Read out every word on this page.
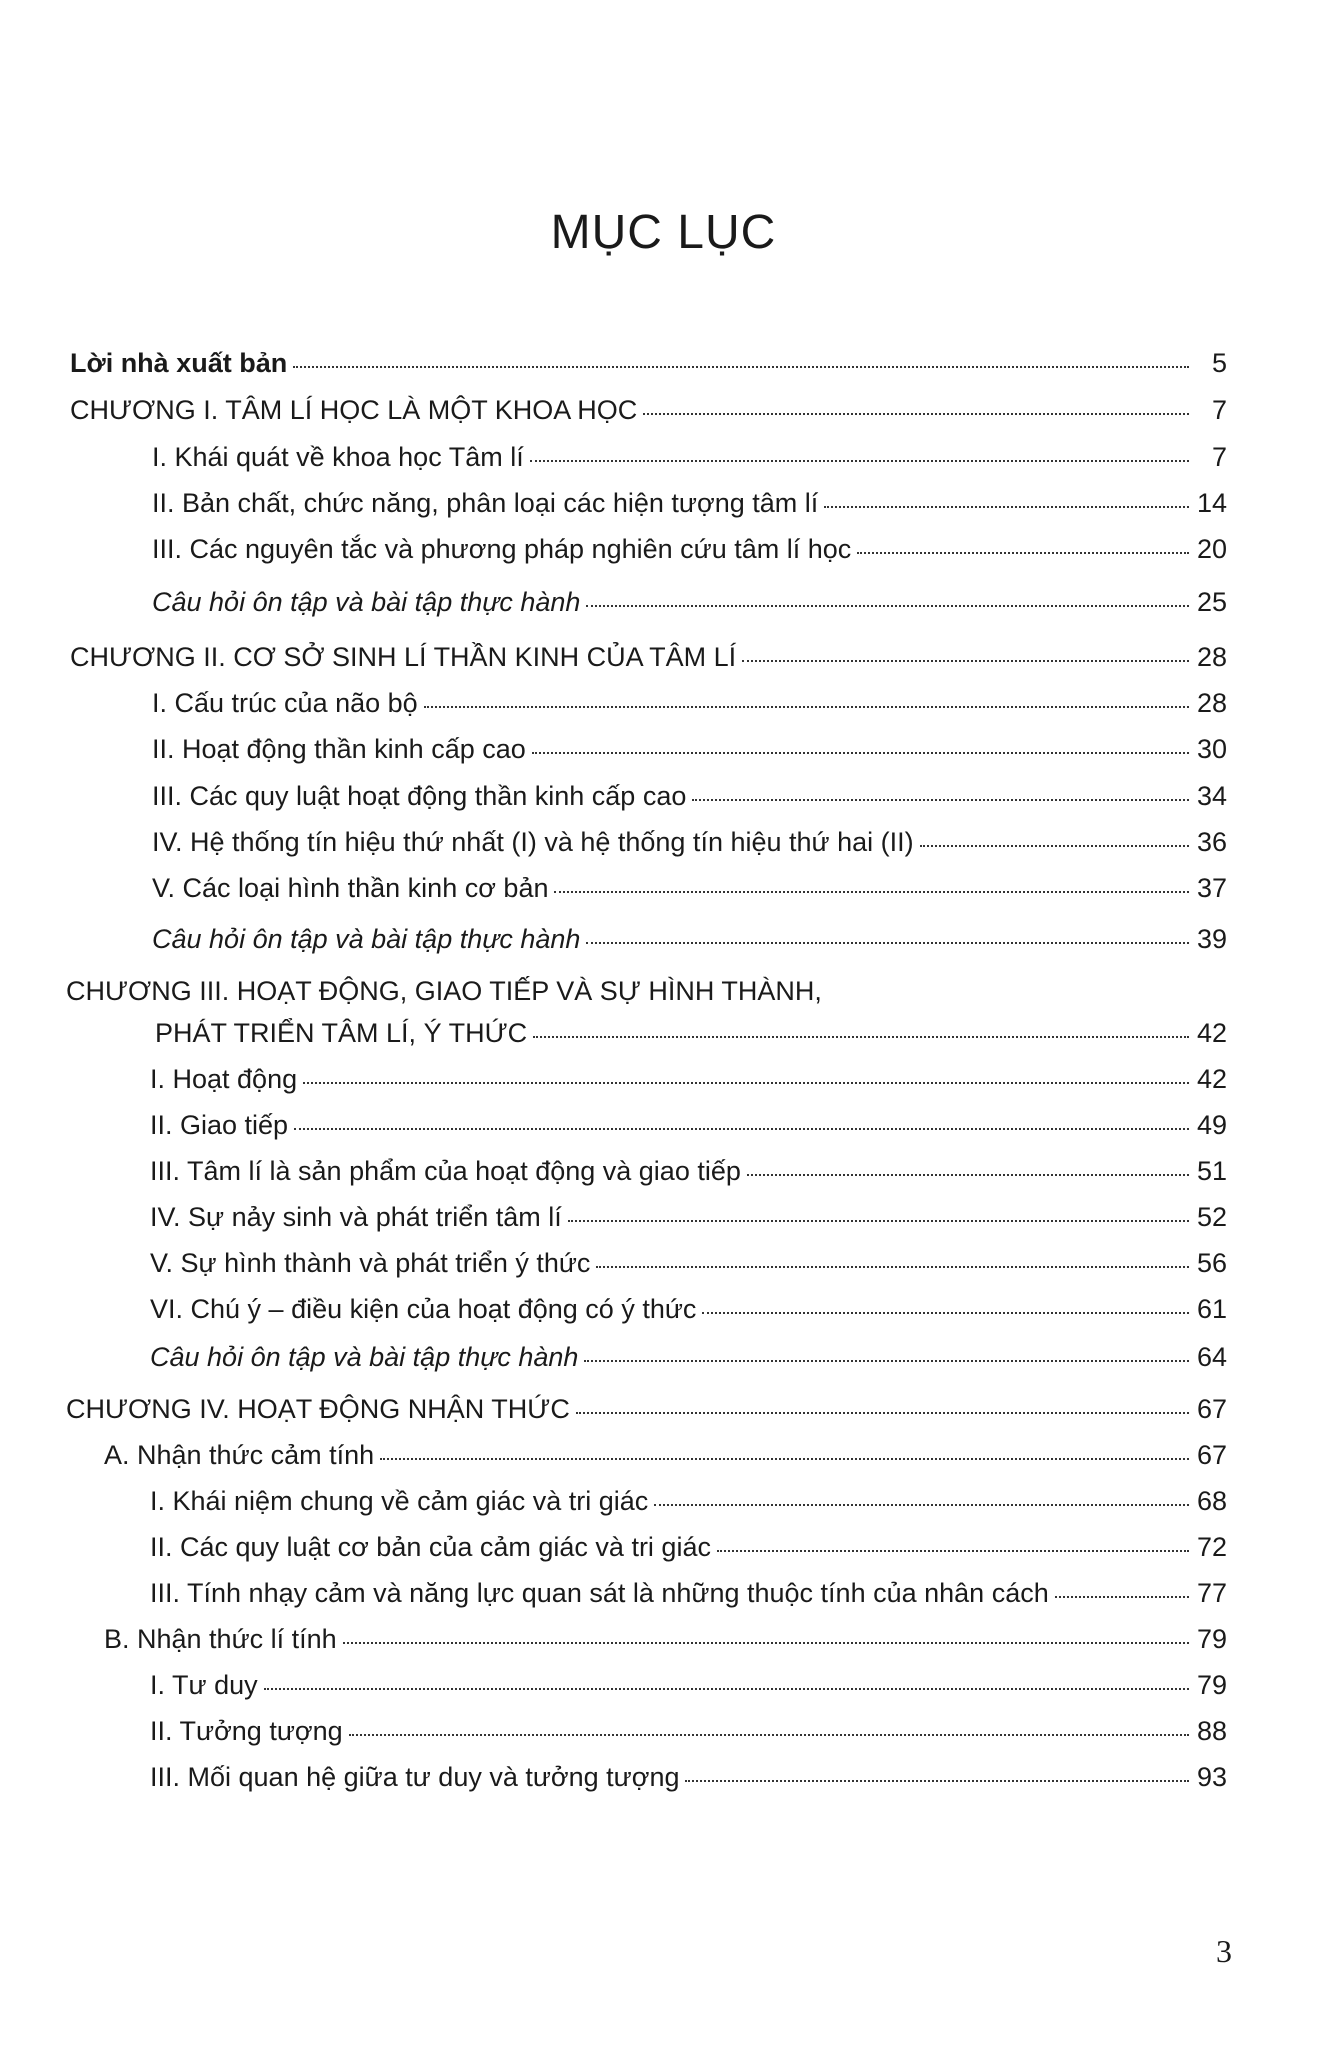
MỤC LỤC
Lời nhà xuất bản	5
CHƯƠNG I. TÂM LÍ HỌC LÀ MỘT KHOA HỌC	7
I. Khái quát về khoa học Tâm lí	7
II. Bản chất, chức năng, phân loại các hiện tượng tâm lí	14
III. Các nguyên tắc và phương pháp nghiên cứu tâm lí học	20
Câu hỏi ôn tập và bài tập thực hành	25
CHƯƠNG II. CƠ SỞ SINH LÍ THẦN KINH CỦA TÂM LÍ	28
I. Cấu trúc của não bộ	28
II. Hoạt động thần kinh cấp cao	30
III. Các quy luật hoạt động thần kinh cấp cao	34
IV. Hệ thống tín hiệu thứ nhất (I) và hệ thống tín hiệu thứ hai (II)	36
V. Các loại hình thần kinh cơ bản	37
Câu hỏi ôn tập và bài tập thực hành	39
CHƯƠNG III. HOẠT ĐỘNG, GIAO TIẾP VÀ SỰ HÌNH THÀNH,
PHÁT TRIỂN TÂM LÍ, Ý THỨC	42
I. Hoạt động	42
II. Giao tiếp	49
III. Tâm lí là sản phẩm của hoạt động và giao tiếp	51
IV. Sự nảy sinh và phát triển tâm lí	52
V. Sự hình thành và phát triển ý thức	56
VI. Chú ý – điều kiện của hoạt động có ý thức	61
Câu hỏi ôn tập và bài tập thực hành	64
CHƯƠNG IV. HOẠT ĐỘNG NHẬN THỨC	67
A. Nhận thức cảm tính	67
I. Khái niệm chung về cảm giác và tri giác	68
II. Các quy luật cơ bản của cảm giác và tri giác	72
III. Tính nhạy cảm và năng lực quan sát là những thuộc tính của nhân cách	77
B. Nhận thức lí tính	79
I. Tư duy	79
II. Tưởng tượng	88
III. Mối quan hệ giữa tư duy và tưởng tượng	93
3
